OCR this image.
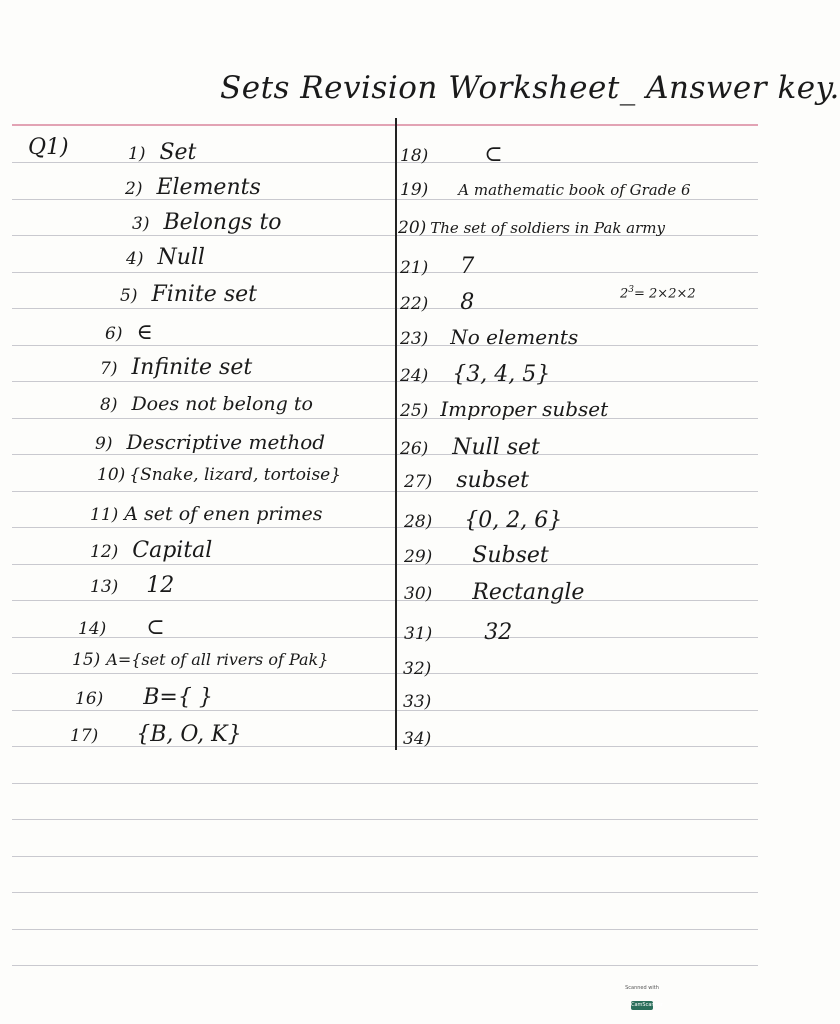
Sets Revision Worksheet_ Answer key.
Q1)	1) Set
2) Elements
3) Belongs to
4) Null
5) Finite set
6) ∈
7) Infinite set
8) Does not belong to
9) Descriptive method
10) {Snake, lizard, tortoise}
11) A set of enen primes
12) Capital
13) 12
14) ⊂
15) A={set of all rivers of Pak}
16) B={ }
17) {B, O, K}
18)	⊂
19) A mathematic book of Grade 6
20) The set of soldiers in Pak army
21) 7
22) 8
23) No elements
24) {3, 4, 5}
25) Improper subset
26) Null set
27) subset
28) {0, 2, 6}
29) Subset
30) Rectangle
31) 32
32)
33)
34)
$2^3= 2\times 2\times 2$
Scanned with
CamScanner
